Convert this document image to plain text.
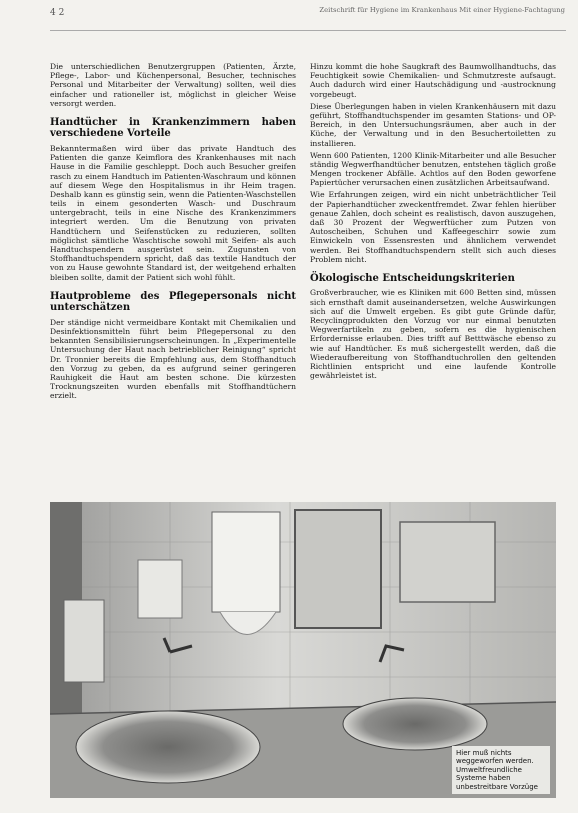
4 2	Zeitschrift für Hygiene im Krankenhaus Mit einer Hygiene-Fachtagung

Die unterschiedlichen Benutzergruppen (Patienten, Ärzte, Pflege-, Labor- und Küchenpersonal, Besucher, technisches Personal und Mitarbeiter der Verwaltung) sollten, weil dies einfacher und rationeller ist, möglichst in gleicher Weise versorgt werden.

Handtücher in Krankenzimmern haben verschiedene Vorteile

Bekanntermaßen wird über das private Handtuch des Patienten die ganze Keimflora des Krankenhauses mit nach Hause in die Familie geschleppt. Doch auch Besucher greifen rasch zu einem Handtuch im Patienten-Waschraum und können auf diesem Wege den Hospitalismus in ihr Heim tragen. Deshalb kann es günstig sein, wenn die Patienten-Waschstellen teils in einem gesonderten Wasch- und Duschraum untergebracht, teils in eine Nische des Krankenzimmers integriert werden. Um die Benutzung von privaten Handtüchern und Seifenstücken zu reduzieren, sollten möglichst sämtliche Waschtische sowohl mit Seifen- als auch Handtuchspendern ausgerüstet sein. Zugunsten von Stoffhandtuchspendern spricht, daß das textile Handtuch der von zu Hause gewohnte Standard ist, der weitgehend erhalten bleiben sollte, damit der Patient sich wohl fühlt.

Hautprobleme des Pflegepersonals nicht unterschätzen

Der ständige nicht vermeidbare Kontakt mit Chemikalien und Desinfektionsmitteln führt beim Pflegepersonal zu den bekannten Sensibilisierungserscheinungen. In „Experimentelle Untersuchung der Haut nach betrieblicher Reinigung“ spricht Dr. Tronnier bereits die Empfehlung aus, dem Stoffhandtuch den Vorzug zu geben, da es aufgrund seiner geringeren Rauhigkeit die Haut am besten schone. Die kürzesten Trocknungszeiten wurden ebenfalls mit Stoffhandtüchern erzielt.

Hinzu kommt die hohe Saugkraft des Baumwollhandtuchs, das Feuchtigkeit sowie Chemikalien- und Schmutzreste aufsaugt. Auch dadurch wird einer Hautschädigung und -austrocknung vorgebeugt.

Diese Überlegungen haben in vielen Krankenhäusern mit dazu geführt, Stoffhandtuchspender im gesamten Stations- und OP-Bereich, in den Untersuchungsräumen, aber auch in der Küche, der Verwaltung und in den Besuchertoiletten zu installieren.

Wenn 600 Patienten, 1200 Klinik-Mitarbeiter und alle Besucher ständig Wegwerfhandtücher benutzen, entstehen täglich große Mengen trockener Abfälle. Achtlos auf den Boden geworfene Papiertücher verursachen einen zusätzlichen Arbeitsaufwand.

Wie Erfahrungen zeigen, wird ein nicht unbeträchtlicher Teil der Papierhandtücher zweckentfremdet. Zwar fehlen hierüber genaue Zahlen, doch scheint es realistisch, davon auszugehen, daß 30 Prozent der Wegwerftücher zum Putzen von Autoscheiben, Schuhen und Kaffeegeschirr sowie zum Einwickeln von Essensresten und ähnlichem verwendet werden. Bei Stoffhandtuchspendern stellt sich auch dieses Problem nicht.

Ökologische Entscheidungskriterien

Großverbraucher, wie es Kliniken mit 600 Betten sind, müssen sich ernsthaft damit auseinandersetzen, welche Auswirkungen sich auf die Umwelt ergeben. Es gibt gute Gründe dafür, Recyclingprodukten den Vorzug vor nur einmal benutzten Wegwerfartikeln zu geben, sofern es die hygienischen Erfordernisse erlauben. Dies trifft auf Betttwäsche ebenso zu wie auf Handtücher. Es muß sichergestellt werden, daß die Wiederaufbereitung von Stoffhandtuchrollen den geltenden Richtlinien entspricht und eine laufende Kontrolle gewährleistet ist.

Hier muß nichts weggeworfen werden. Umweltfreundliche Systeme haben unbestreitbare Vorzüge
